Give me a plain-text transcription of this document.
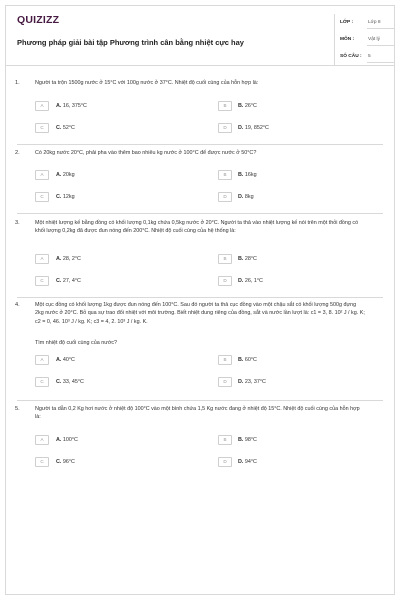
QUIZIZZ
Phương pháp giải bài tập Phương trình cân bằng nhiệt cực hay
LỚP :	Lớp 8
MÔN :	Vật lý
SỐ CÂU : 5
1.	Người ta trộn 1500g nước ở 15°C với 100g nước ở 37°C. Nhiệt độ cuối cùng của hỗn hợp là:
A	A. 16, 375°C	B	B. 26°C
C	C. 52°C	D	D. 19, 852°C
2.	Có 20kg nước 20°C, phải pha vào thêm bao nhiêu kg nước ở 100°C để được nước ở 50°C?
A	A. 20kg	B	B. 16kg
C	C. 12kg	D	D. 8kg
3.	Một nhiệt lượng kế bằng đồng có khối lượng 0,1kg chứa 0,5kg nước ở 20°C. Người ta thả vào nhiệt lượng kế nói trên một thỏi đồng có khối lượng 0,2kg đã được đun nóng đến 200°C. Nhiệt độ cuối cùng của hệ thống là:
A	A. 28, 2°C	B	B. 28°C
C	C. 27, 4°C	D	D. 26, 1°C
4.	Một cục đồng có khối lượng 1kg được đun nóng đến 100°C. Sau đó người ta thả cục đồng vào một chậu sắt có khối lượng 500g đựng 2kg nước ở 20°C. Bỏ qua sự trao đổi nhiệt với môi trường. Biết nhiệt dung riêng của đồng, sắt và nước lần lượt là: c1 = 3, 8. 10² J / kg. K; c2 = 0, 46. 10³ J / kg. K; c3 = 4, 2. 10³ J / kg. K.
Tìm nhiệt độ cuối cùng của nước?
A	A. 40°C	B	B. 60°C
C	C. 33, 45°C	D	D. 23, 37°C
5.	Người ta dẫn 0,2 Kg hơi nước ở nhiệt độ 100°C vào một bình chứa 1,5 Kg nước đang ở nhiệt độ 15°C. Nhiệt độ cuối cùng của hỗn hợp là:
A	A. 100°C	B	B. 98°C
C	C. 96°C	D	D. 94°C
